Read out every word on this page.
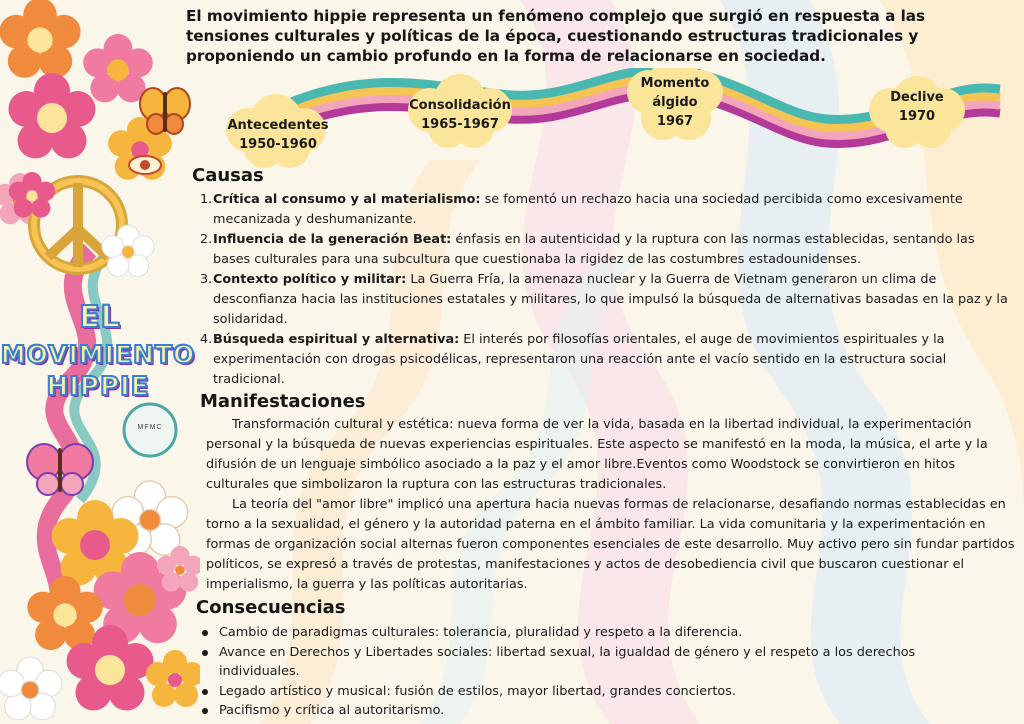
El movimiento hippie representa un fenómeno complejo que surgió en respuesta a las tensiones culturales y políticas de la época, cuestionando estructuras tradicionales y proponiendo un cambio profundo en la forma de relacionarse en sociedad.
Antecedentes
1950-1960
Consolidación
1965-1967
Momento álgido
1967
Declive
1970
EL
MOVIMIENTO
HIPPIE
MFMC
Causas
1. Crítica al consumo y al materialismo: se fomentó un rechazo hacia una sociedad percibida como excesivamente mecanizada y deshumanizante.
2. Influencia de la generación Beat: énfasis en la autenticidad y la ruptura con las normas establecidas, sentando las bases culturales para una subcultura que cuestionaba la rigidez de las costumbres estadounidenses.
3. Contexto político y militar: La Guerra Fría, la amenaza nuclear y la Guerra de Vietnam generaron un clima de desconfianza hacia las instituciones estatales y militares, lo que impulsó la búsqueda de alternativas basadas en la paz y la solidaridad.
4. Búsqueda espiritual y alternativa: El interés por filosofías orientales, el auge de movimientos espirituales y la experimentación con drogas psicodélicas, representaron una reacción ante el vacío sentido en la estructura social tradicional.
Manifestaciones

Transformación cultural y estética: nueva forma de ver la vida, basada en la libertad individual, la experimentación personal y la búsqueda de nuevas experiencias espirituales. Este aspecto se manifestó en la moda, la música, el arte y la difusión de un lenguaje simbólico asociado a la paz y el amor libre.Eventos como Woodstock se convirtieron en hitos culturales que simbolizaron la ruptura con las estructuras tradicionales.

La teoría del "amor libre" implicó una apertura hacia nuevas formas de relacionarse, desafiando normas establecidas en torno a la sexualidad, el género y la autoridad paterna en el ámbito familiar. La vida comunitaria y la experimentación en formas de organización social alternas fueron componentes esenciales de este desarrollo. Muy activo pero sin fundar partidos políticos, se expresó a través de protestas, manifestaciones y actos de desobediencia civil que buscaron cuestionar el imperialismo, la guerra y las políticas autoritarias.

Consecuencias
Cambio de paradigmas culturales: tolerancia, pluralidad y respeto a la diferencia.
Avance en Derechos y Libertades sociales: libertad sexual, la igualdad de género y el respeto a los derechos individuales.
Legado artístico y musical: fusión de estilos, mayor libertad, grandes conciertos.
Pacifismo y crítica al autoritarismo.
